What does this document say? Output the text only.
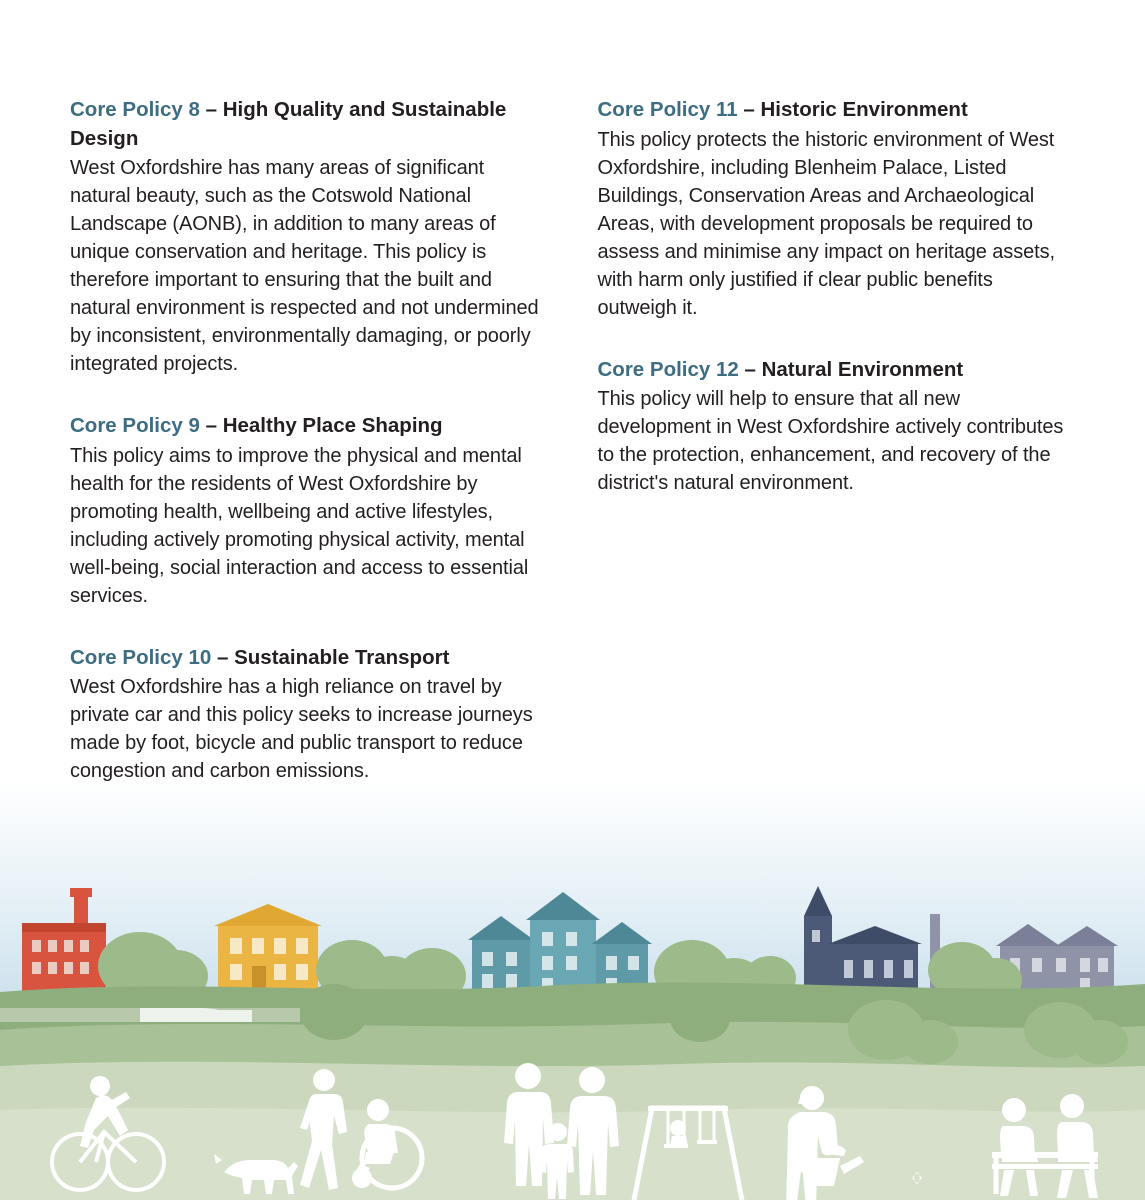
Core Policy 8 – High Quality and Sustainable Design

West Oxfordshire has many areas of significant natural beauty, such as the Cotswold National Landscape (AONB), in addition to many areas of unique conservation and heritage. This policy is therefore important to ensuring that the built and natural environment is respected and not undermined by inconsistent, environmentally damaging, or poorly integrated projects.

Core Policy 9 – Healthy Place Shaping

This policy aims to improve the physical and mental health for the residents of West Oxfordshire by promoting health, wellbeing and active lifestyles, including actively promoting physical activity, mental well-being, social interaction and access to essential services.

Core Policy 10 – Sustainable Transport

West Oxfordshire has a high reliance on travel by private car and this policy seeks to increase journeys made by foot, bicycle and public transport to reduce congestion and carbon emissions.

Core Policy 11 – Historic Environment

This policy protects the historic environment of West Oxfordshire, including Blenheim Palace, Listed Buildings, Conservation Areas and Archaeological Areas, with development proposals be required to assess and minimise any impact on heritage assets, with harm only justified if clear public benefits outweigh it.

Core Policy 12 – Natural Environment

This policy will help to ensure that all new development in West Oxfordshire actively contributes to the protection, enhancement, and recovery of the district's natural environment.
